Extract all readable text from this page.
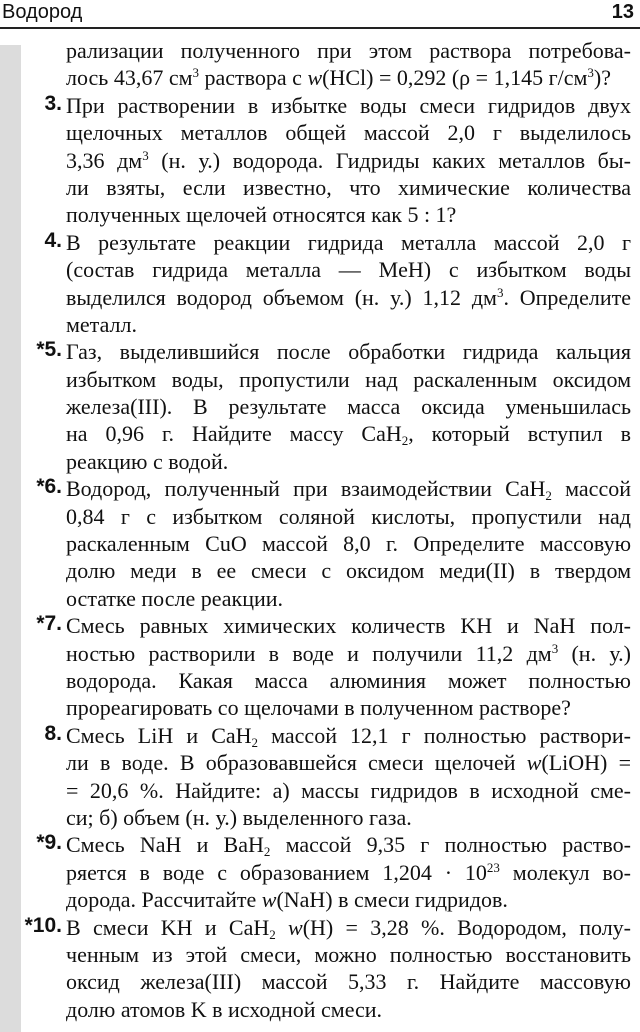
Водород	13
рализации полученного при этом раствора потребова-
лось 43,67 $см^3$ раствора с w(HCl) = 0,292 (ρ = 1,145 $г/см^3$)?
3. При растворении в избытке воды смеси гидридов двух
щелочных металлов общей массой 2,0 г выделилось
3,36 $дм^3$ (н. у.) водорода. Гидриды каких металлов бы-
ли взяты, если известно, что химические количества
полученных щелочей относятся как 5 : 1?
4. В результате реакции гидрида металла массой 2,0 г
(состав гидрида металла — MeH) с избытком воды
выделился водород объемом (н. у.) 1,12 $дм^3$. Определите
металл.
*5. Газ, выделившийся после обработки гидрида кальция
избытком воды, пропустили над раскаленным оксидом
железа(III). В результате масса оксида уменьшилась
на 0,96 г. Найдите массу CaH$_2$, который вступил в
реакцию с водой.
*6. Водород, полученный при взаимодействии CaH$_2$ массой
0,84 г с избытком соляной кислоты, пропустили над
раскаленным CuO массой 8,0 г. Определите массовую
долю меди в ее смеси с оксидом меди(II) в твердом
остатке после реакции.
*7. Смесь равных химических количеств KH и NaH пол-
ностью растворили в воде и получили 11,2 $дм^3$ (н. у.)
водорода. Какая масса алюминия может полностью
прореагировать со щелочами в полученном растворе?
8. Смесь LiH и CaH$_2$ массой 12,1 г полностью раствори-
ли в воде. В образовавшейся смеси щелочей w(LiOH) =
= 20,6 %. Найдите: а) массы гидридов в исходной сме-
си; б) объем (н. у.) выделенного газа.
*9. Смесь NaH и BaH$_2$ массой 9,35 г полностью раство-
ряется в воде с образованием $1,204 \cdot 10^{23}$ молекул во-
дорода. Рассчитайте w(NaH) в смеси гидридов.
*10. В смеси KH и CaH$_2$ w(H) = 3,28 %. Водородом, полу-
ченным из этой смеси, можно полностью восстановить
оксид железа(III) массой 5,33 г. Найдите массовую
долю атомов K в исходной смеси.
